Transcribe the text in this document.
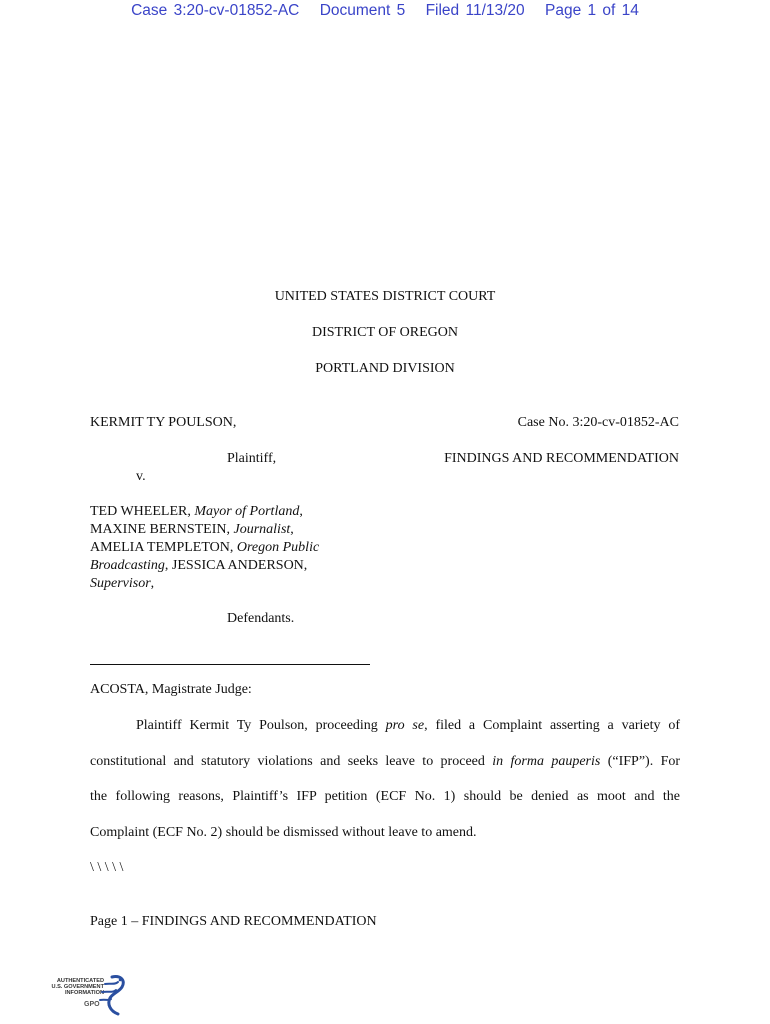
Case 3:20-cv-01852-AC Document 5 Filed 11/13/20 Page 1 of 14
UNITED STATES DISTRICT COURT
DISTRICT OF OREGON
PORTLAND DIVISION
KERMIT TY POULSON,	Case No. 3:20-cv-01852-AC
Plaintiff,	FINDINGS AND RECOMMENDATION
v.
TED WHEELER, Mayor of Portland,
MAXINE BERNSTEIN, Journalist,
AMELIA TEMPLETON, Oregon Public
Broadcasting, JESSICA ANDERSON,
Supervisor,
Defendants.
ACOSTA, Magistrate Judge:
Plaintiff Kermit Ty Poulson, proceeding pro se, filed a Complaint asserting a variety of
constitutional and statutory violations and seeks leave to proceed in forma pauperis (“IFP”). For
the following reasons, Plaintiff’s IFP petition (ECF No. 1) should be denied as moot and the
Complaint (ECF No. 2) should be dismissed without leave to amend.
\ \ \ \ \
Page 1 – FINDINGS AND RECOMMENDATION
AUTHENTICATED
U.S. GOVERNMENT
INFORMATION
GPO
